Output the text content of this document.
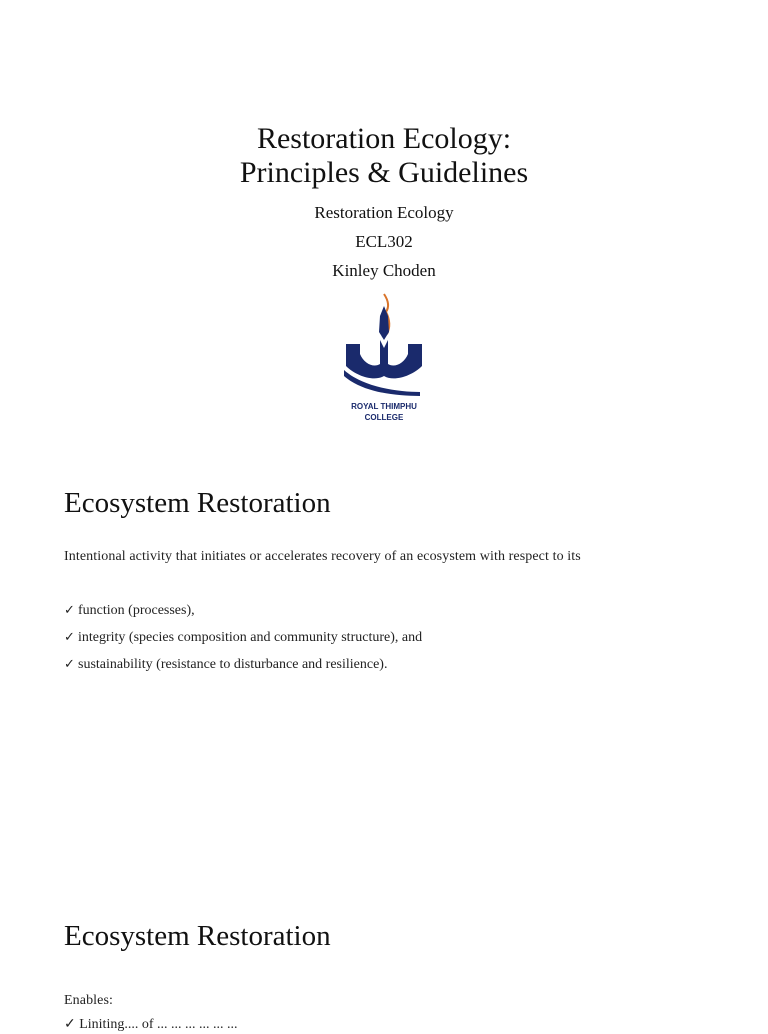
Restoration Ecology:
Principles & Guidelines

Restoration Ecology

ECL302

Kinley Choden

ROYAL THIMPHU
COLLEGE
Ecosystem Restoration
Intentional activity that initiates or accelerates recovery of an ecosystem with respect to its
✓ function (processes),
✓ integrity (species composition and community structure), and
✓ sustainability (resistance to disturbance and resilience).
Ecosystem Restoration
Enables:
✓ Liniting.... of ... ... ... ... ... ...
